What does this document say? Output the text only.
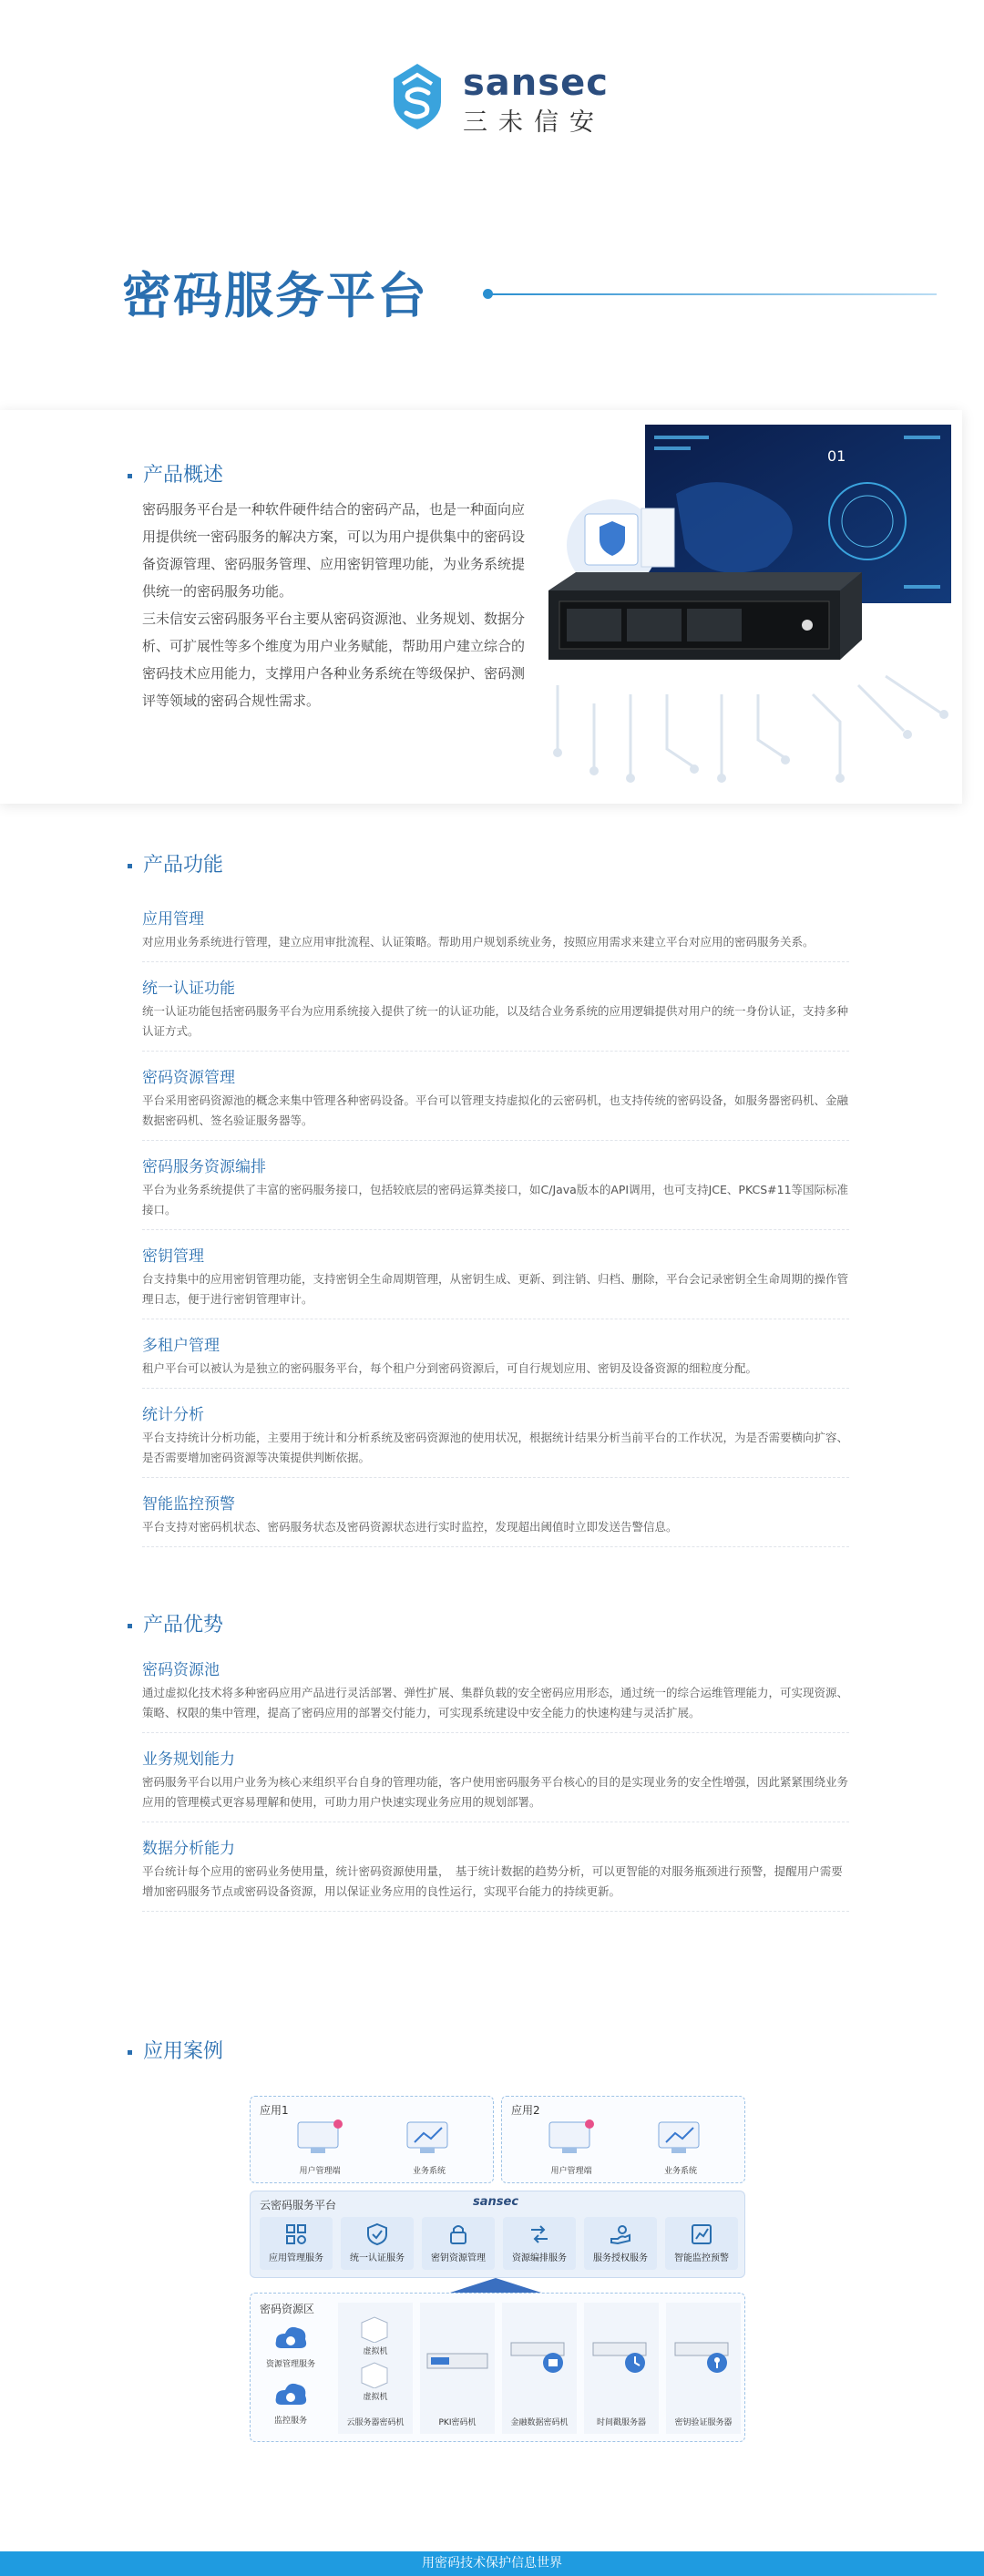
sansec
三未信安
密码服务平台
产品概述

密码服务平台是一种软件硬件结合的密码产品，也是一种面向应用提供统一密码服务的解决方案，可以为用户提供集中的密码设备资源管理、密码服务管理、应用密钥管理功能，为业务系统提供统一的密码服务功能。

三未信安云密码服务平台主要从密码资源池、业务规划、数据分析、可扩展性等多个维度为用户业务赋能，帮助用户建立综合的密码技术应用能力，支撑用户各种业务系统在等级保护、密码测评等领域的密码合规性需求。

01
产品功能
应用管理
对应用业务系统进行管理，建立应用审批流程、认证策略。帮助用户规划系统业务，按照应用需求来建立平台对应用的密码服务关系。
统一认证功能
统一认证功能包括密码服务平台为应用系统接入提供了统一的认证功能，以及结合业务系统的应用逻辑提供对用户的统一身份认证，支持多种认证方式。
密码资源管理
平台采用密码资源池的概念来集中管理各种密码设备。平台可以管理支持虚拟化的云密码机，也支持传统的密码设备，如服务器密码机、金融数据密码机、签名验证服务器等。
密码服务资源编排
平台为业务系统提供了丰富的密码服务接口，包括较底层的密码运算类接口，如C/Java版本的API调用，也可支持JCE、PKCS#11等国际标准接口。
密钥管理
台支持集中的应用密钥管理功能，支持密钥全生命周期管理，从密钥生成、更新、到注销、归档、删除，平台会记录密钥全生命周期的操作管理日志，便于进行密钥管理审计。
多租户管理
租户平台可以被认为是独立的密码服务平台，每个租户分到密码资源后，可自行规划应用、密钥及设备资源的细粒度分配。
统计分析
平台支持统计分析功能，主要用于统计和分析系统及密码资源池的使用状况，根据统计结果分析当前平台的工作状况，为是否需要横向扩容、是否需要增加密码资源等决策提供判断依据。
智能监控预警
平台支持对密码机状态、密码服务状态及密码资源状态进行实时监控，发现超出阈值时立即发送告警信息。
产品优势
密码资源池
通过虚拟化技术将多种密码应用产品进行灵活部署、弹性扩展、集群负载的安全密码应用形态，通过统一的综合运维管理能力，可实现资源、策略、权限的集中管理，提高了密码应用的部署交付能力，可实现系统建设中安全能力的快速构建与灵活扩展。
业务规划能力
密码服务平台以用户业务为核心来组织平台自身的管理功能，客户使用密码服务平台核心的目的是实现业务的安全性增强，因此紧紧围绕业务应用的管理模式更容易理解和使用，可助力用户快速实现业务应用的规划部署。
数据分析能力
平台统计每个应用的密码业务使用量，统计密码资源使用量，　基于统计数据的趋势分析，可以更智能的对服务瓶颈进行预警，提醒用户需要增加密码服务节点或密码设备资源，用以保证业务应用的良性运行，实现平台能力的持续更新。
应用案例
应用1
用户管理端	业务系统
应用2
用户管理端	业务系统
云密码服务平台	sansec
应用管理服务	统一认证服务	密钥资源管理	资源编排服务	服务授权服务	智能监控预警
密码资源区
资源管理服务
监控服务
虚拟机
虚拟机
云服务器密码机	PKI密码机	金融数据密码机	时间戳服务器	密钥验证服务器
用密码技术保护信息世界
